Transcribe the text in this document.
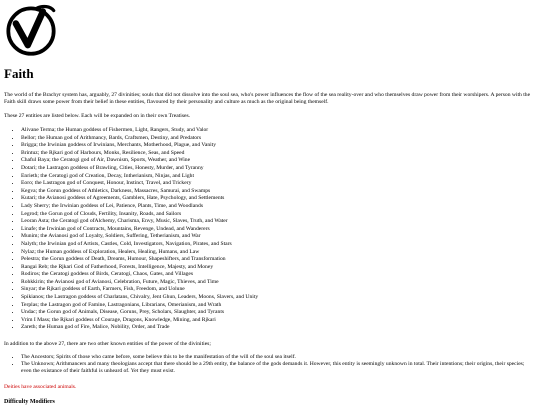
Faith

The world of the Brachyr system has, arguably, 27 divinities; souls that did not dissolve into the soul sea, who's power influences the flow of the sea reality-over and who themselves draw power from their worshipers. A person with the Faith skill draws some power from their belief in these entities, flavoured by their personality and culture as much as the original being themself.

These 27 entities are listed below. Each will be expanded on in their own Treatises.

• Alivane Terma; the Human goddess of Fishermen, Light, Rangers, Study, and Valor
• Bellor; the Human god of Arithmancy, Bards, Craftsmen, Destiny, and Predators
• Brigga; the Irwinian goddess of Irwinians, Merchants, Motherhood, Plague, and Vanity
• Brintuz; the Rjkari god of Harbours, Monks, Resilience, Seas, and Speed
• Chaful Baya; the Ceratogi god of Air, Dawnism, Sports, Weather, and Wine
• Dotari; the Lastragon goddess of Brawling, Cities, Honesty, Murder, and Tyranny
• Enrieth; the Ceratogi god of Creation, Decay, Intherianism, Ninjas, and Light
• Eoro; the Lastragon god of Conquest, Honour, Instinct, Travel, and Trickery
• Kegva; the Gorun goddess of Athletics, Darkness, Massacres, Samurai, and Swamps
• Kutari; the Avianosi goddess of Agreements, Gamblers, Hate, Psychology, and Settlements
• Lady Sherry; the Irwinian goddess of Lei, Patience, Plants, Time, and Woodlands
• Legrod; the Gorun god of Clouds, Fertility, Insanity, Roads, and Sailors
• Leoran Asta; the Ceratogi god ofAlchemy, Charisma, Envy, Music, Slaves, Truth, and Water
• Linafe; the Irwinian god of Contracts, Mountains, Revenge, Undead, and Wanderers
• Munim; the Avianosi god of Loyalty, Soldiers, Suffering, Tetherianism, and War
• Nalyth; the Irwinian god of Artists, Castles, Cold, Investigators, Navigation, Pirates, and Stars
• Nylaz; the Human goddess of Exploration, Healers, Healing, Humans, and Law
• Pelestra; the Gorun goddess of Death, Dreams, Humour, Shapeshifters, and Transformation
• Rangai Reb; the Rjkari God of Fatherhood, Forests, Intelligence, Majesty, and Money
• Rodiros; the Ceratogi goddess of Birds, Ceratogi, Chaos, Gates, and Villages
• Rohkkirin; the Avianosi god of Avianosi, Celebration, Future, Magic, Thieves, and Time
• Sinyar; the Rjkari goddess of Earth, Farmers, Fish, Freedom, and Uolune
• Spikianos; the Lastragon goddess of Charlatans, Chivalry, Jent Ghun, Leaders, Moons, Slavers, and Unity
• Terplas; the Lastragon god of Famine, Lastragonians, Librarians, Omerianism, and Wrath
• Undac; the Gorun god of Animals, Disease, Goruns, Prey, Scholars, Slaughter, and Tyrants
• Vrim I Mass; the Rjkari goddess of Courage, Dragons, Knowledge, Mining, and Rjkari
• Zareth; the Human god of Fire, Malice, Nobility, Order, and Trade

In addition to the above 27, there are two other known entities of the power of the divinities;

• The Ancestors; Spirits of those who came before, some believe this to be the manifestation of the will of the soul sea itself.
• The Unknown; Arithmancers and many theologians accept that there should be a 29th entity, the balance of the gods demands it. However, this entity is seemingly unknown in total. Their intentions; their origins, their species; even the existance of their faithful is unheard of. Yet they must exist.

Deities have associated animals.

Difficulty Modifiers
